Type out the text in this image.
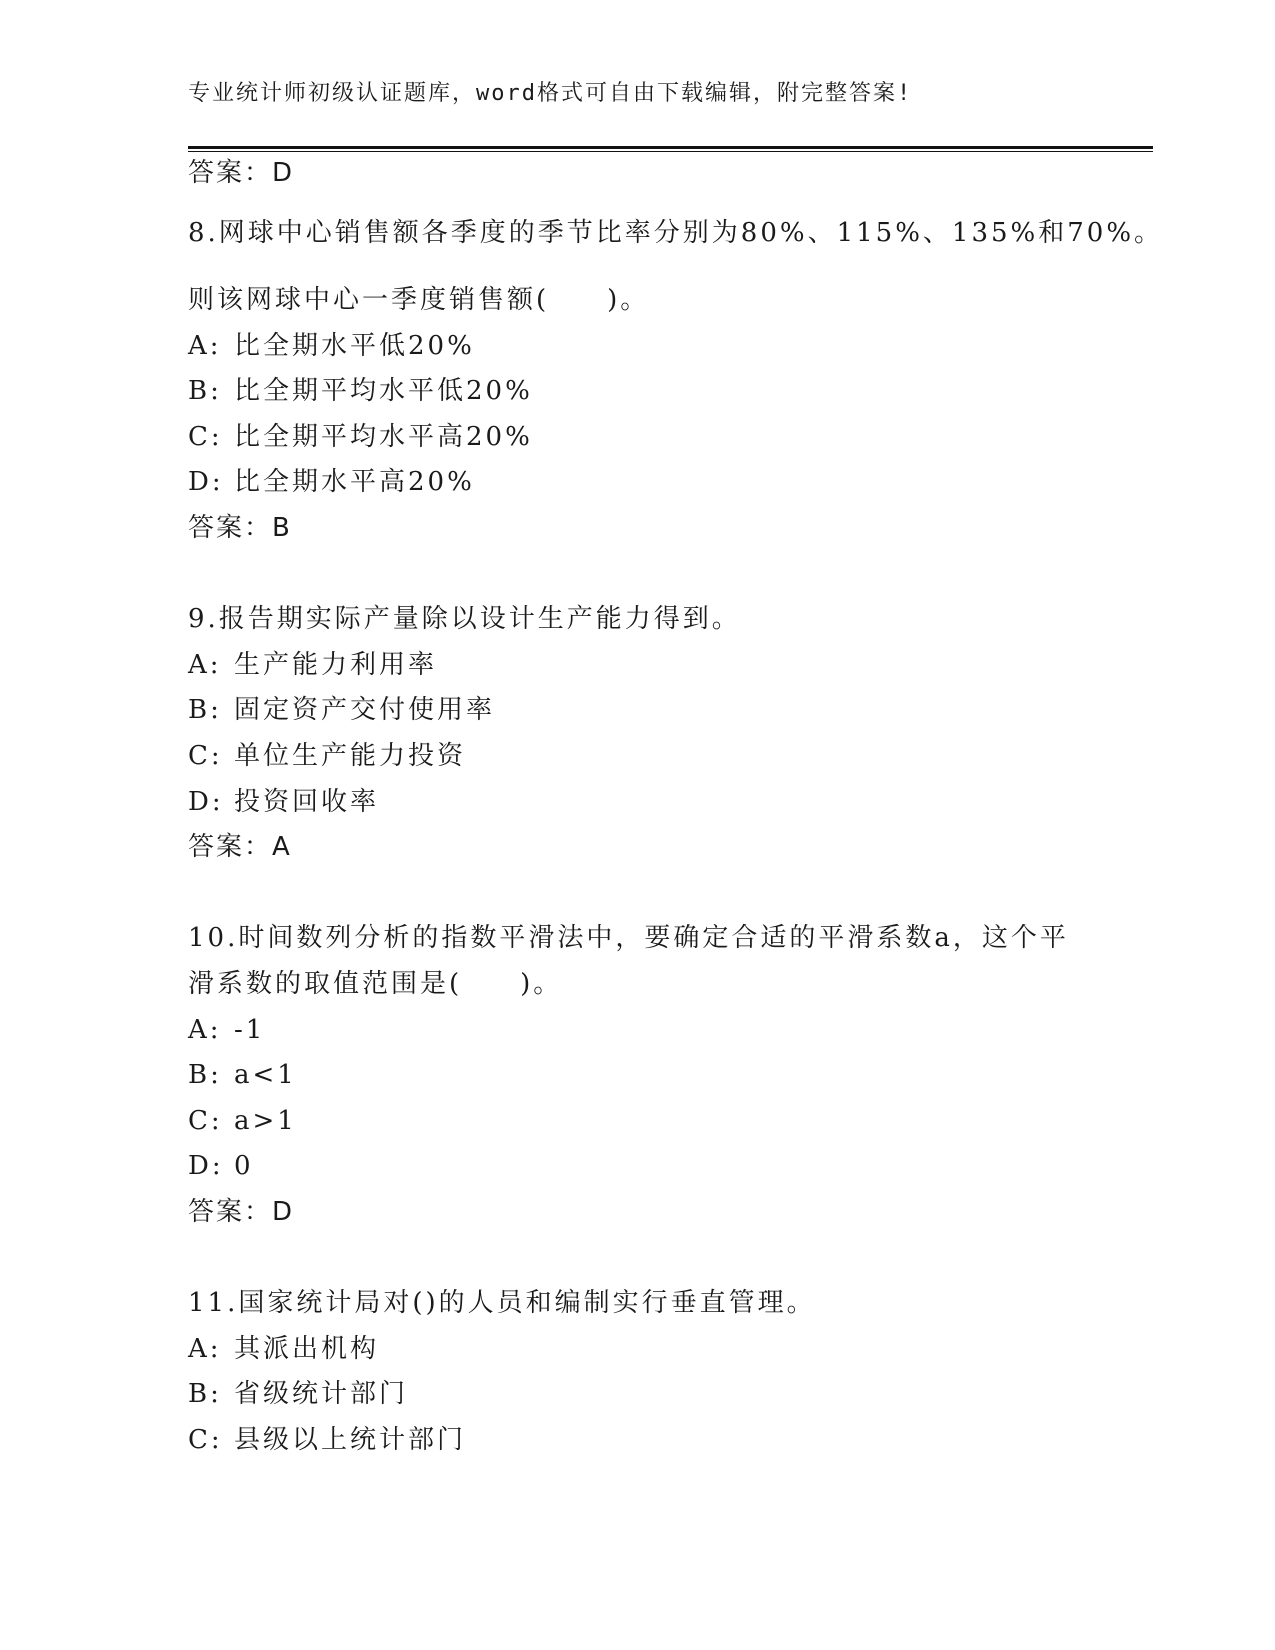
专业统计师初级认证题库，word格式可自由下载编辑，附完整答案!
答案：D
8.网球中心销售额各季度的季节比率分别为80%、115%、135%和70%。
则该网球中心一季度销售额(　　)。
A: 比全期水平低20%
B: 比全期平均水平低20%
C: 比全期平均水平高20%
D: 比全期水平高20%
答案：B
9.报告期实际产量除以设计生产能力得到。
A: 生产能力利用率
B: 固定资产交付使用率
C: 单位生产能力投资
D: 投资回收率
答案：A
10.时间数列分析的指数平滑法中，要确定合适的平滑系数a，这个平
滑系数的取值范围是(　　)。
A: -1
B: a<1
C: a>1
D: 0
答案：D
11.国家统计局对()的人员和编制实行垂直管理。
A: 其派出机构
B: 省级统计部门
C: 县级以上统计部门
